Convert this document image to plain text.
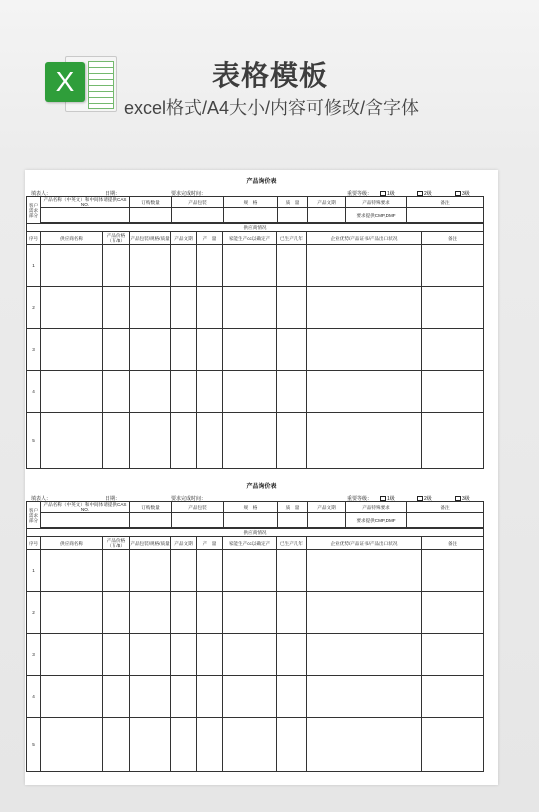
X	表格模板
excel格式/A4大小/内容可修改/含字体
产品询价表
填表人：	日期：	要求完成时间：	重要等级：	1级	2级	3级
客户需求部分	产品名称（中英文）和中间体请提供CAS NO.	订购数量	产品包装	规　格	质　量	产品文期	产品特殊要求	备注
							要求提供CMP,DMF	

供应商情况									
序号	供应商名称	产品价格（￥/$）	产品包装/规格/质量	产品文期	产　量	家能生产cc以确定产	已生产几年	企业优势/产品证书/产品出口状况	备注
1									
2									
3									
4									
5									
产品询价表
填表人：	日期：	要求完成时间：	重要等级：	1级	2级	3级
客户需求部分	产品名称（中英文）和中间体请提供CAS NO.	订购数量	产品包装	规　格	质　量	产品文期	产品特殊要求	备注
							要求提供CMP,DMF	

供应商情况									
序号	供应商名称	产品价格（￥/$）	产品包装/规格/质量	产品文期	产　量	家能生产cc以确定产	已生产几年	企业优势/产品证书/产品出口状况	备注
1									
2									
3									
4									
5									
